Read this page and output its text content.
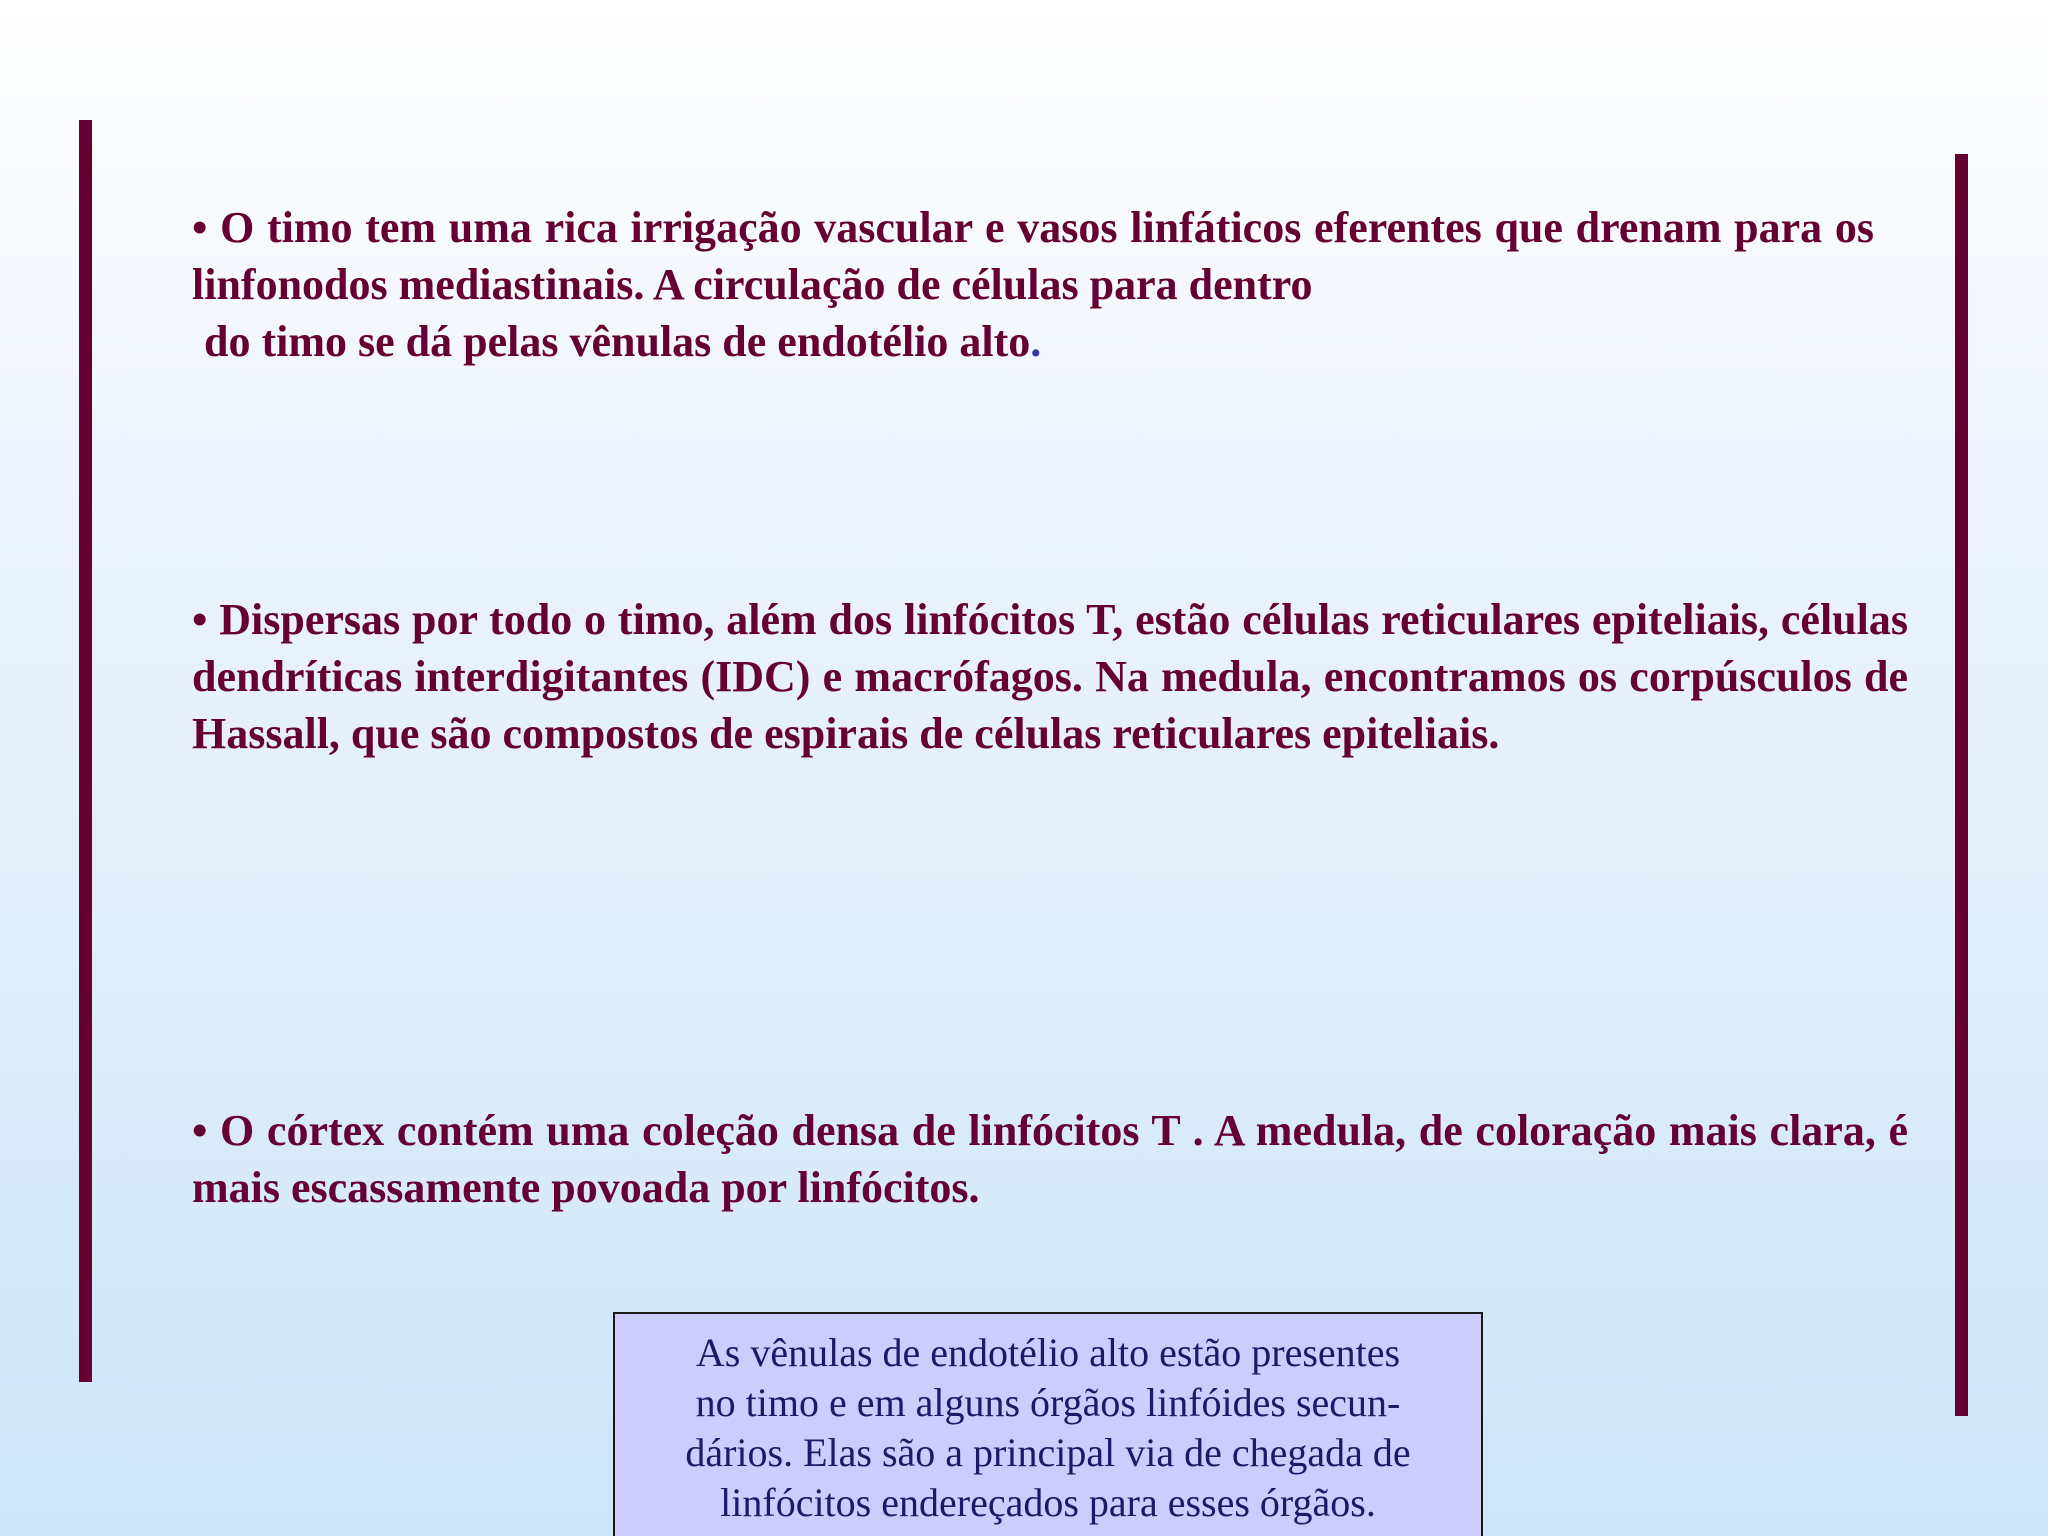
• O timo tem uma rica irrigação vascular e vasos linfáticos eferentes que drenam para os linfonodos mediastinais. A circulação de células para dentro
do timo se dá pelas vênulas de endotélio alto.

• Dispersas por todo o timo, além dos linfócitos T, estão células reticulares epiteliais, células dendríticas interdigitantes (IDC) e macrófagos. Na medula, encontramos os corpúsculos de Hassall, que são compostos de espirais de células reticulares epiteliais.

• O córtex contém uma coleção densa de linfócitos T . A medula, de coloração mais clara, é mais escassamente povoada por linfócitos.

As vênulas de endotélio alto estão presentes
no timo e em alguns órgãos linfóides secun-
dários. Elas são a principal via de chegada de
linfócitos endereçados para esses órgãos.
